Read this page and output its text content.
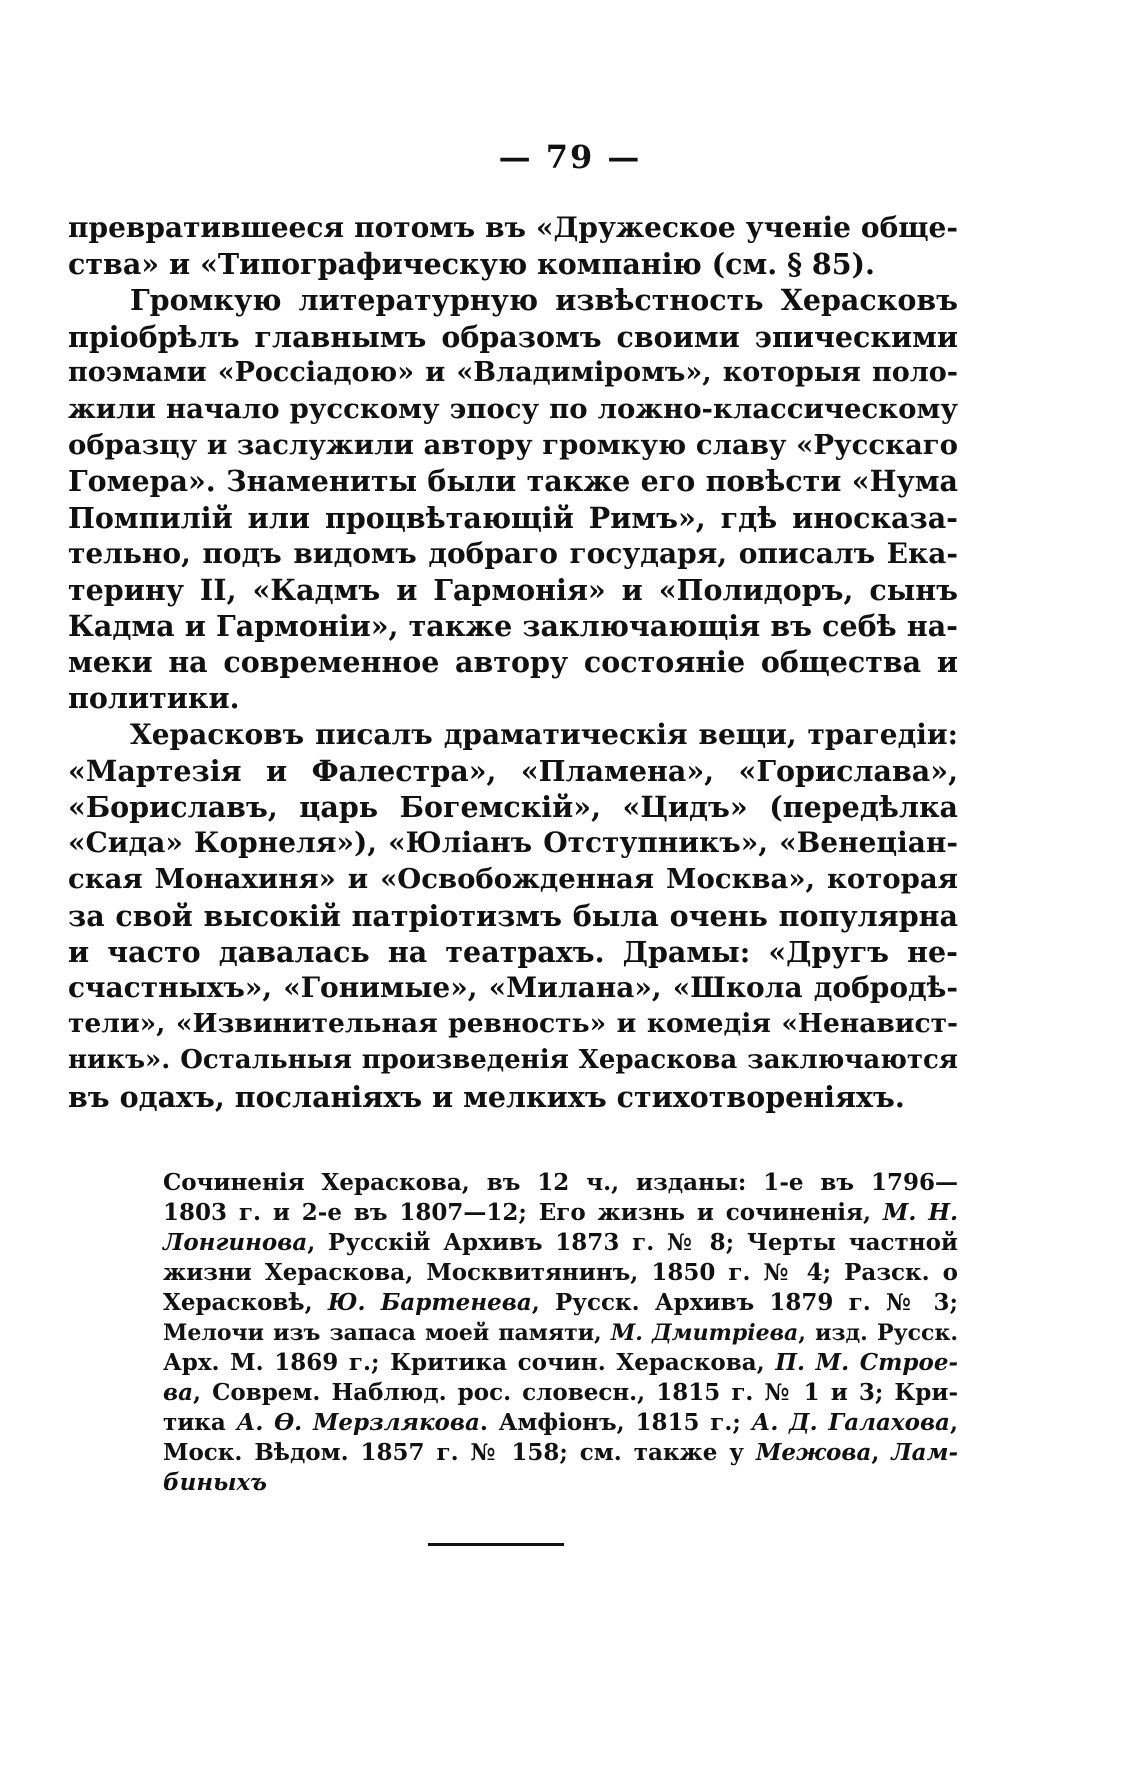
— 79 —
превратившееся потомъ въ «Дружеское ученіе обще-
ства» и «Типографическую компанію (см. § 85).
Громкую литературную извѣстность Херасковъ
пріобрѣлъ главнымъ образомъ своими эпическими
поэмами «Россіадою» и «Владиміромъ», которыя поло-
жили начало русскому эпосу по ложно-классическому
образцу и заслужили автору громкую славу «Русскаго
Гомера». Знамениты были также его повѣсти «Нума
Помпилій или процвѣтающій Римъ», гдѣ иносказа-
тельно, подъ видомъ добраго государя, описалъ Ека-
терину II, «Кадмъ и Гармонія» и «Полидоръ, сынъ
Кадма и Гармоніи», также заключающія въ себѣ на-
меки на современное автору состояніе общества и
политики.
Херасковъ писалъ драматическія вещи, трагедіи:
«Мартезія и Фалестра», «Пламена», «Горислава»,
«Бориславъ, царь Богемскій», «Цидъ» (передѣлка
«Сида» Корнеля»), «Юліанъ Отступникъ», «Венеціан-
ская Монахиня» и «Освобожденная Москва», которая
за свой высокій патріотизмъ была очень популярна
и часто давалась на театрахъ. Драмы: «Другъ не-
счастныхъ», «Гонимые», «Милана», «Школа добродѣ-
тели», «Извинительная ревность» и комедія «Ненавист-
никъ». Остальныя произведенія Хераскова заключаются
въ одахъ, посланіяхъ и мелкихъ стихотвореніяхъ.
Сочиненія Хераскова, въ 12 ч., изданы: 1-е въ 1796—
1803 г. и 2-е въ 1807—12; Его жизнь и сочиненія, М. Н.
Лонгинова, Русскій Архивъ 1873 г. № 8; Черты частной
жизни Хераскова, Москвитянинъ, 1850 г. № 4; Разск. о
Херасковѣ, Ю. Бартенева, Русск. Архивъ 1879 г. № 3;
Мелочи изъ запаса моей памяти, М. Дмитріева, изд. Русск.
Арх. М. 1869 г.; Критика сочин. Хераскова, П. М. Строе-
ва, Соврем. Наблюд. рос. словесн., 1815 г. № 1 и 3; Кри-
тика А. Ѳ. Мерзлякова. Амфіонъ, 1815 г.; А. Д. Галахова,
Моск. Вѣдом. 1857 г. № 158; см. также у Межова, Лам-
биныхъ
